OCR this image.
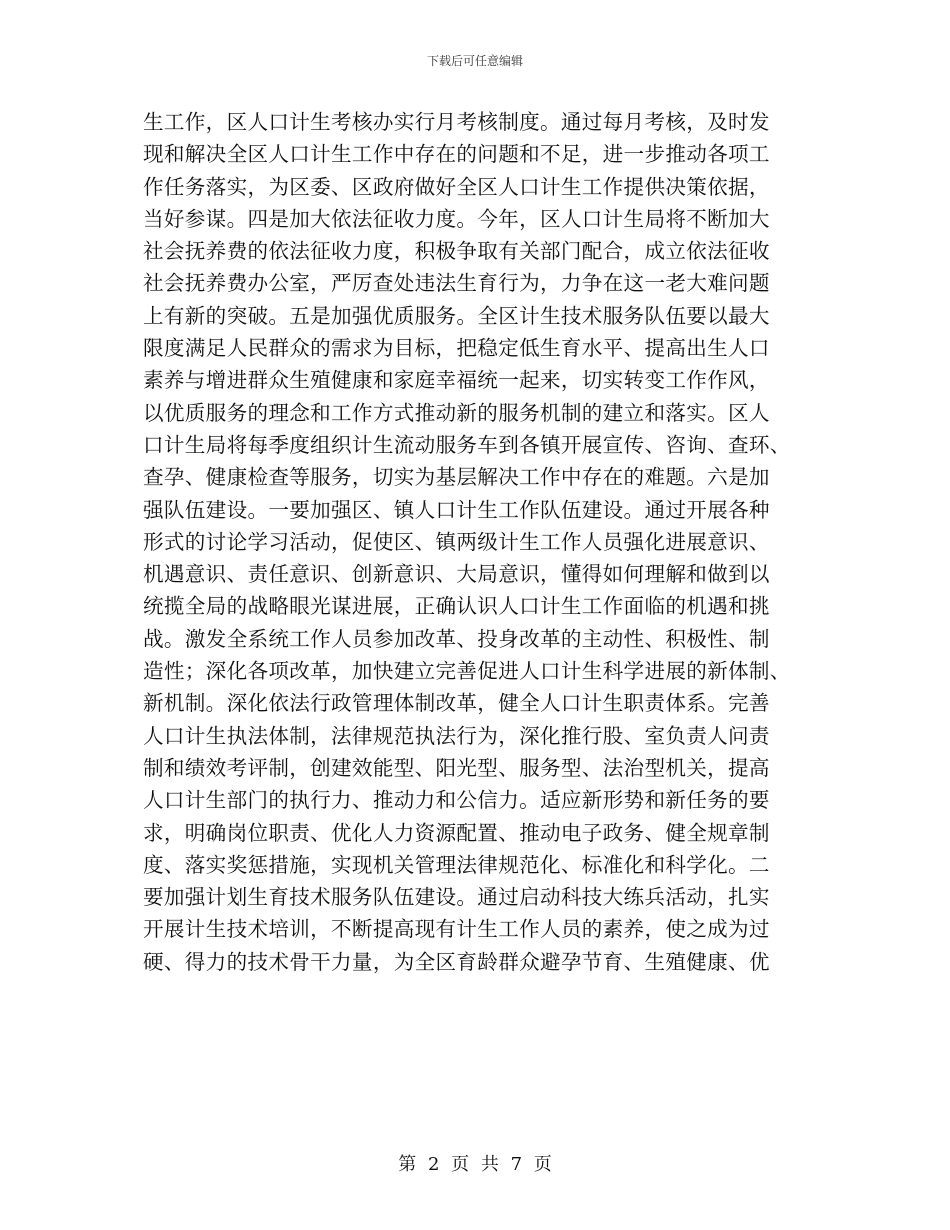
下载后可任意编辑
生工作，区人口计生考核办实行月考核制度。通过每月考核，及时发
现和解决全区人口计生工作中存在的问题和不足，进一步推动各项工
作任务落实，为区委、区政府做好全区人口计生工作提供决策依据，
当好参谋。四是加大依法征收力度。今年，区人口计生局将不断加大
社会抚养费的依法征收力度，积极争取有关部门配合，成立依法征收
社会抚养费办公室，严厉查处违法生育行为，力争在这一老大难问题
上有新的突破。五是加强优质服务。全区计生技术服务队伍要以最大
限度满足人民群众的需求为目标，把稳定低生育水平、提高出生人口
素养与增进群众生殖健康和家庭幸福统一起来，切实转变工作作风，
以优质服务的理念和工作方式推动新的服务机制的建立和落实。区人
口计生局将每季度组织计生流动服务车到各镇开展宣传、咨询、查环、
查孕、健康检查等服务，切实为基层解决工作中存在的难题。六是加
强队伍建设。一要加强区、镇人口计生工作队伍建设。通过开展各种
形式的讨论学习活动，促使区、镇两级计生工作人员强化进展意识、
机遇意识、责任意识、创新意识、大局意识，懂得如何理解和做到以
统揽全局的战略眼光谋进展，正确认识人口计生工作面临的机遇和挑
战。激发全系统工作人员参加改革、投身改革的主动性、积极性、制
造性；深化各项改革，加快建立完善促进人口计生科学进展的新体制、
新机制。深化依法行政管理体制改革，健全人口计生职责体系。完善
人口计生执法体制，法律规范执法行为，深化推行股、室负责人问责
制和绩效考评制，创建效能型、阳光型、服务型、法治型机关，提高
人口计生部门的执行力、推动力和公信力。适应新形势和新任务的要
求，明确岗位职责、优化人力资源配置、推动电子政务、健全规章制
度、落实奖惩措施，实现机关管理法律规范化、标准化和科学化。二
要加强计划生育技术服务队伍建设。通过启动科技大练兵活动，扎实
开展计生技术培训，不断提高现有计生工作人员的素养，使之成为过
硬、得力的技术骨干力量，为全区育龄群众避孕节育、生殖健康、优
第 2 页 共 7 页
